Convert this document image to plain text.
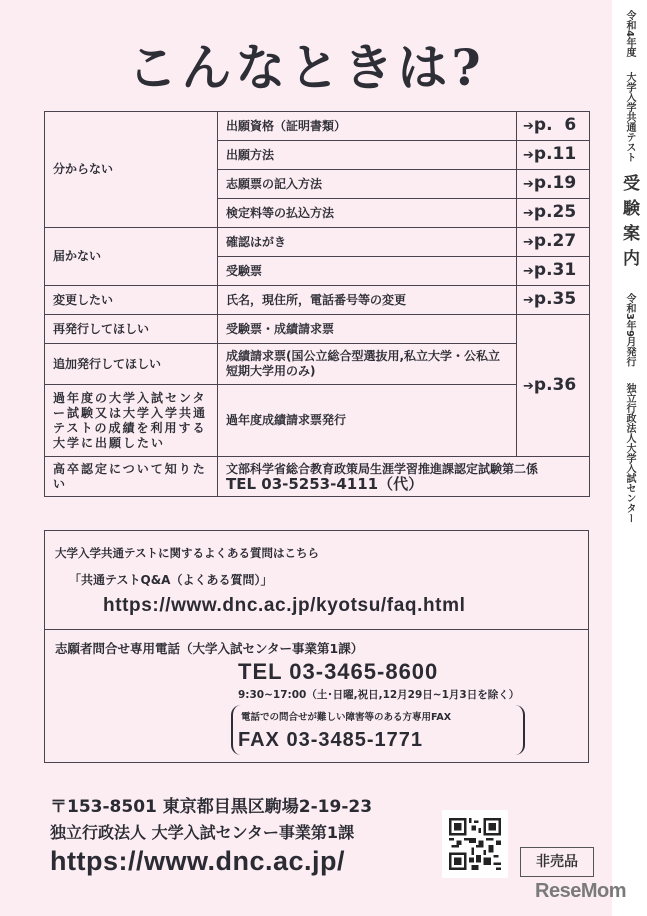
令和4年度 大学入学共通テスト 受験案内 令和3年9月発行 独立行政法人大学入試センター
こんなときは?
分からない	出願資格（証明書類）	➔p.  6
	出願方法	➔p.11
	志願票の記入方法	➔p.19
	検定料等の払込方法	➔p.25
届かない	確認はがき	➔p.27
	受験票	➔p.31
変更したい	氏名，現住所，電話番号等の変更	➔p.35
再発行してほしい	受験票・成績請求票	➔p.36
追加発行してほしい	成績請求票(国公立総合型選抜用,私立大学・公私立短期大学用のみ)	
過年度の大学入試センター試験又は大学入学共通テストの成績を利用する大学に出願したい	過年度成績請求票発行	
高卒認定について知りたい	文部科学省総合教育政策局生涯学習推進課認定試験第二係
TEL 03-5253-4111（代）	
大学入学共通テストに関するよくある質問はこちら
「共通テストQ&A（よくある質問）」
https://www.dnc.ac.jp/kyotsu/faq.html
志願者問合せ専用電話（大学入試センター事業第1課）
TEL 03-3465-8600
9:30~17:00（土･日曜,祝日,12月29日~1月3日を除く）
電話での問合せが難しい障害等のある方専用FAX
FAX 03-3485-1771
〒153-8501 東京都目黒区駒場2-19-23
独立行政法人 大学入試センター事業第1課
https://www.dnc.ac.jp/	非売品
ReseMom
